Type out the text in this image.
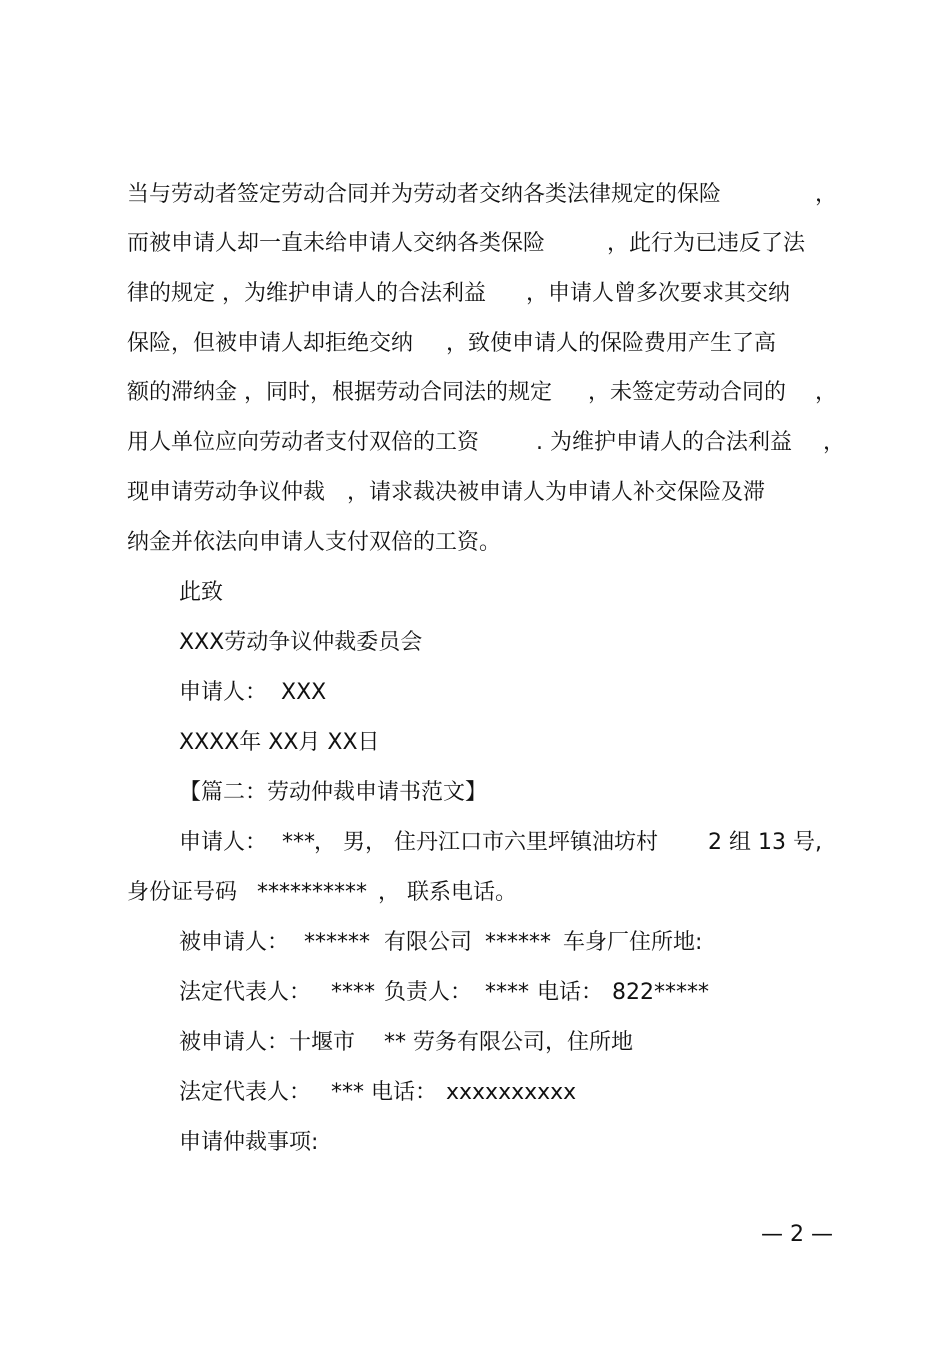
当与劳动者签定劳动合同并为劳动者交纳各类法律规定的保险

	，

而被申请人却一直未给申请人交纳各类保险

	，此行为已违反了法

律的规定 ，为维护申请人的合法利益

，申请人曾多次要求其交纳

保险，但被申请人却拒绝交纳

，致使申请人的保险费用产生了高

额的滞纳金 ，同时，根据劳动合同法的规定

，未签定劳动合同的

，

用人单位应向劳动者支付双倍的工资

	. 为维护申请人的合法利益

，

现申请劳动争议仲裁

，请求裁决被申请人为申请人补交保险及滞

纳金并依法向申请人支付双倍的工资。

此致

XXX劳动争议仲裁委员会

申请人：

XXX

XXXX年 XX月 XX日

【篇二：劳动仲裁申请书范文】

申请人：

***

， 男， 住丹江口市六里坪镇油坊村

2 组 13 号,

身份证号码

**********

， 联系电话。

被申请人：

******

有限公司

******

车身厂住所地:

法定代表人：

****

负责人：

****

电话：

822*****

被申请人：十堰市

** 劳务有限公司，住所地

法定代表人：

***

电话：

xxxxxxxxxx

申请仲裁事项:

— 2 —
